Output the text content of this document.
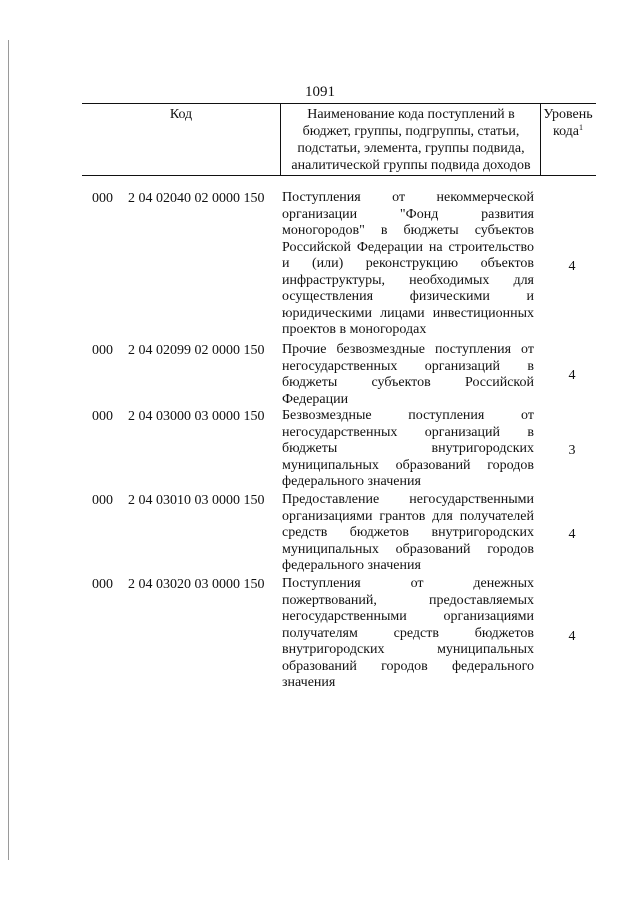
1091
Код	Наименование кода поступлений в бюджет, группы, подгруппы, статьи, подстатьи, элемента, группы подвида, аналитической группы подвида доходов
Уровень кода$^1$
000 2 04 02040 02 0000 150 Поступления от некоммерческой организации "Фонд развития моногородов" в бюджеты субъектов Российской Федерации на строительство и (или) реконструкцию объектов инфраструктуры, необходимых для осуществления физическими и юридическими лицами инвестиционных проектов в моногородах
4
000 2 04 02099 02 0000 150 Прочие безвозмездные поступления от негосударственных организаций в бюджеты субъектов Российской Федерации
4
000 2 04 03000 03 0000 150 Безвозмездные поступления от негосударственных организаций в бюджеты внутригородских муниципальных образований городов федерального значения
3
000 2 04 03010 03 0000 150 Предоставление негосударственными организациями грантов для получателей средств бюджетов внутригородских муниципальных образований городов федерального значения
4
000 2 04 03020 03 0000 150 Поступления от денежных пожертвований, предоставляемых негосударственными организациями получателям средств бюджетов внутригородских муниципальных образований городов федерального значения
4
